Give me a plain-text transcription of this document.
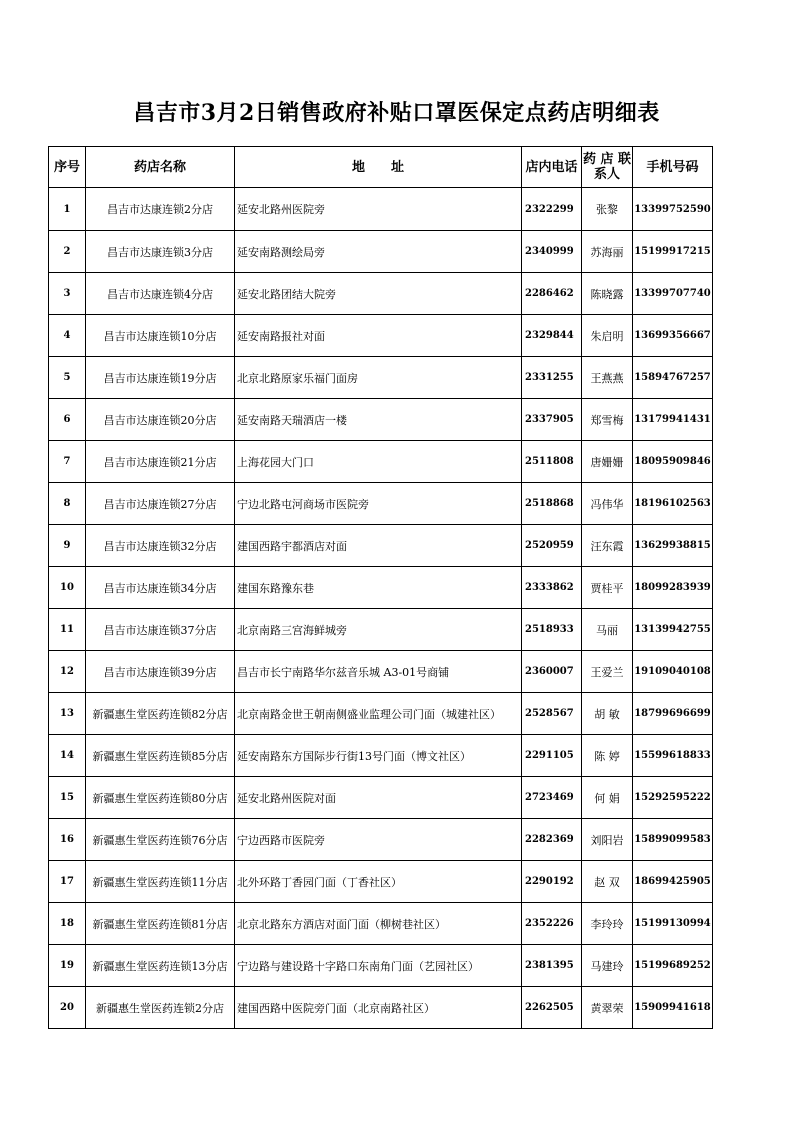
昌吉市3月2日销售政府补贴口罩医保定点药店明细表
序号	药店名称	地　　址	店内电话	药 店 联系人	手机号码
1	昌吉市达康连锁2分店	延安北路州医院旁	2322299	张黎	13399752590
2	昌吉市达康连锁3分店	延安南路测绘局旁	2340999	苏海丽	15199917215
3	昌吉市达康连锁4分店	延安北路团结大院旁	2286462	陈晓露	13399707740
4	昌吉市达康连锁10分店	延安南路报社对面	2329844	朱启明	13699356667
5	昌吉市达康连锁19分店	北京北路原家乐福门面房	2331255	王燕燕	15894767257
6	昌吉市达康连锁20分店	延安南路天瑞酒店一楼	2337905	郑雪梅	13179941431
7	昌吉市达康连锁21分店	上海花园大门口	2511808	唐姗姗	18095909846
8	昌吉市达康连锁27分店	宁边北路屯河商场市医院旁	2518868	冯伟华	18196102563
9	昌吉市达康连锁32分店	建国西路宇都酒店对面	2520959	汪东霞	13629938815
10	昌吉市达康连锁34分店	建国东路豫东巷	2333862	贾桂平	18099283939
11	昌吉市达康连锁37分店	北京南路三宫海鲜城旁	2518933	马丽	13139942755
12	昌吉市达康连锁39分店	昌吉市长宁南路华尔兹音乐城 A3-01号商铺	2360007	王爱兰	19109040108
13	新疆惠生堂医药连锁82分店	北京南路金世王朝南侧盛业监理公司门面（城建社区）	2528567	胡 敏	18799696699
14	新疆惠生堂医药连锁85分店	延安南路东方国际步行街13号门面（博文社区）	2291105	陈 婷	15599618833
15	新疆惠生堂医药连锁80分店	延安北路州医院对面	2723469	何 娟	15292595222
16	新疆惠生堂医药连锁76分店	宁边西路市医院旁	2282369	刘阳岩	15899099583
17	新疆惠生堂医药连锁11分店	北外环路丁香园门面（丁香社区）	2290192	赵 双	18699425905
18	新疆惠生堂医药连锁81分店	北京北路东方酒店对面门面（柳树巷社区）	2352226	李玲玲	15199130994
19	新疆惠生堂医药连锁13分店	宁边路与建设路十字路口东南角门面（艺园社区）	2381395	马建玲	15199689252
20	新疆惠生堂医药连锁2分店	建国西路中医院旁门面（北京南路社区）	2262505	黄翠荣	15909941618
